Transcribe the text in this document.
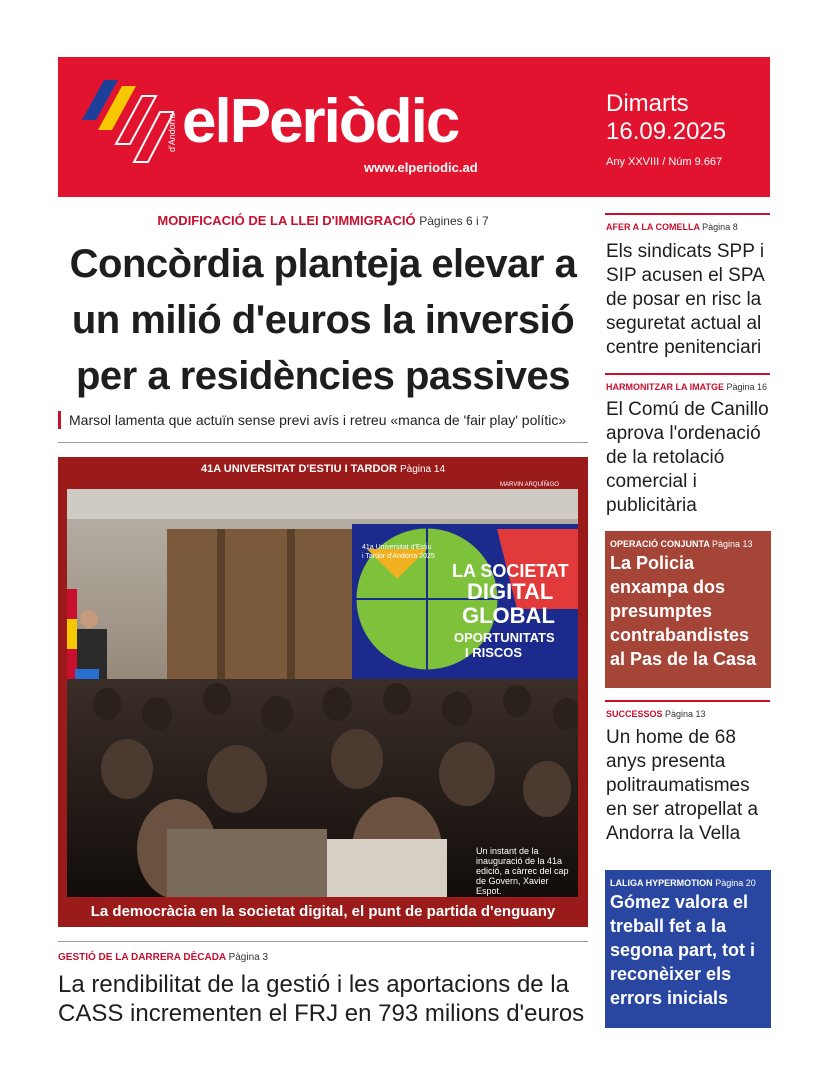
elPeriòdic
d'Andorra
www.elperiodic.ad
Dimarts
16.09.2025
Any XXVIII / Núm 9.667
MODIFICACIÓ DE LA LLEI D'IMMIGRACIÓ Pàgines 6 i 7
Concòrdia planteja elevar a un milió d'euros la inversió per a residències passives
Marsol lamenta que actuïn sense previ avís i retreu «manca de 'fair play' polític»
41A UNIVERSITAT D'ESTIU I TARDOR Pàgina 14
MARVIN ARQUÍÑIGO
41a Universitat d'Estiu
i Tardor d'Andorra 2025
LA SOCIETAT
DIGITAL
GLOBAL
OPORTUNITATS
I RISCOS
Un instant de la inauguració de la 41a edició, a càrrec del cap de Govern, Xavier Espot.
La democràcia en la societat digital, el punt de partida d'enguany
GESTIÓ DE LA DARRERA DÈCADA Pàgina 3
La rendibilitat de la gestió i les aportacions de la CASS incrementen el FRJ en 793 milions d'euros
AFER A LA COMELLA Pàgina 8
Els sindicats SPP i SIP acusen el SPA de posar en risc la seguretat actual al centre penitenciari
HARMONITZAR LA IMATGE Pàgina 16
El Comú de Canillo aprova l'ordenació de la retolació comercial i publicitària
OPERACIÓ CONJUNTA Pàgina 13
La Policia enxampa dos presumptes contrabandistes al Pas de la Casa
SUCCESSOS Pàgina 13
Un home de 68 anys presenta politraumatismes en ser atropellat a Andorra la Vella
LALIGA HYPERMOTION Pàgina 20
Gómez valora el treball fet a la segona part, tot i reconèixer els errors inicials
